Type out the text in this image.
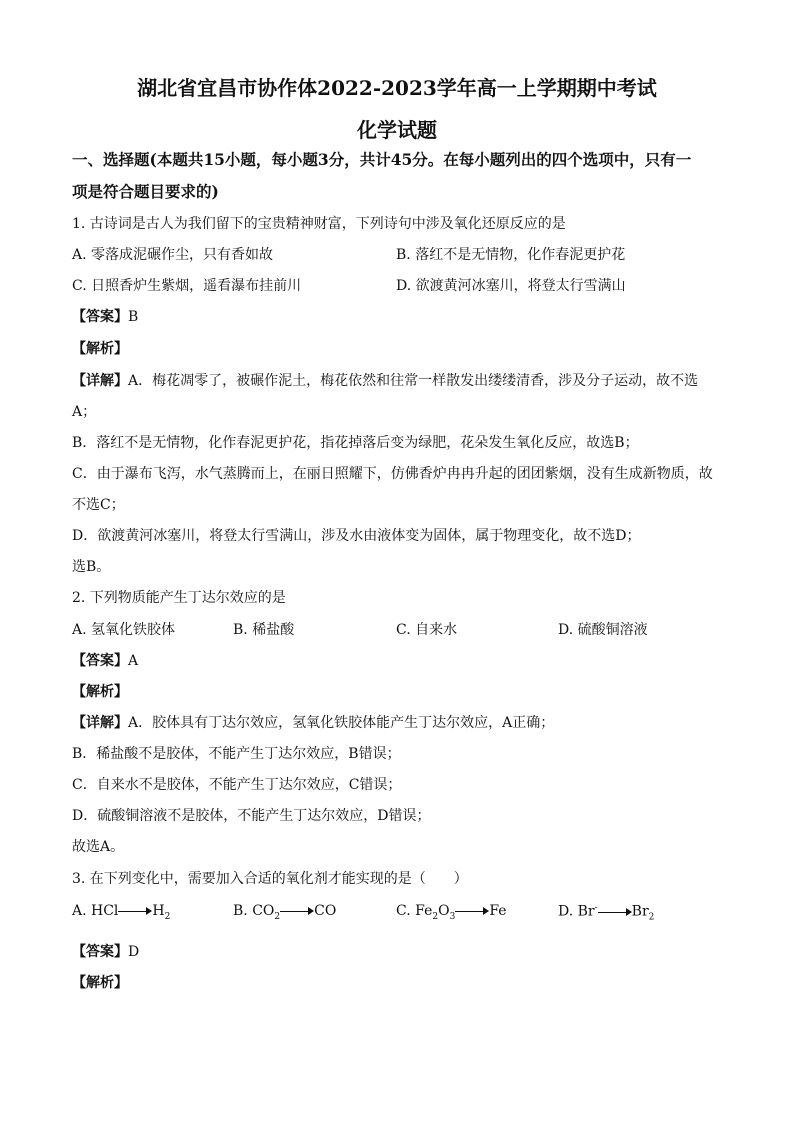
湖北省宜昌市协作体2022-2023学年高一上学期期中考试
化学试题
一、选择题(本题共15小题，每小题3分，共计45分。在每小题列出的四个选项中，只有一
项是符合题目要求的)
1. 古诗词是古人为我们留下的宝贵精神财富，下列诗句中涉及氧化还原反应的是
A. 零落成泥碾作尘，只有香如故	B. 落红不是无情物，化作春泥更护花
C. 日照香炉生紫烟，遥看瀑布挂前川	D. 欲渡黄河冰塞川，将登太行雪满山
【答案】B
【解析】
【详解】A．梅花凋零了，被碾作泥土，梅花依然和往常一样散发出缕缕清香，涉及分子运动，故不选
A；
B．落红不是无情物，化作春泥更护花，指花掉落后变为绿肥，花朵发生氧化反应，故选B；
C．由于瀑布飞泻，水气蒸腾而上，在丽日照耀下，仿佛香炉冉冉升起的团团紫烟，没有生成新物质，故
不选C；
D．欲渡黄河冰塞川，将登太行雪满山，涉及水由液体变为固体，属于物理变化，故不选D；
选B。
2. 下列物质能产生丁达尔效应的是
A. 氢氧化铁胶体	B. 稀盐酸	C. 自来水	D. 硫酸铜溶液
【答案】A
【解析】
【详解】A．胶体具有丁达尔效应，氢氧化铁胶体能产生丁达尔效应，A正确；
B．稀盐酸不是胶体，不能产生丁达尔效应，B错误；
C．自来水不是胶体，不能产生丁达尔效应，C错误；
D．硫酸铜溶液不是胶体，不能产生丁达尔效应，D错误；
故选A。
3. 在下列变化中，需要加入合适的氧化剂才能实现的是（　　）
A. HCl $H_2$	B. $CO_2$ CO	C. $Fe_2O_3$ Fe	D. Br- $Br_2$
【答案】D
【解析】
